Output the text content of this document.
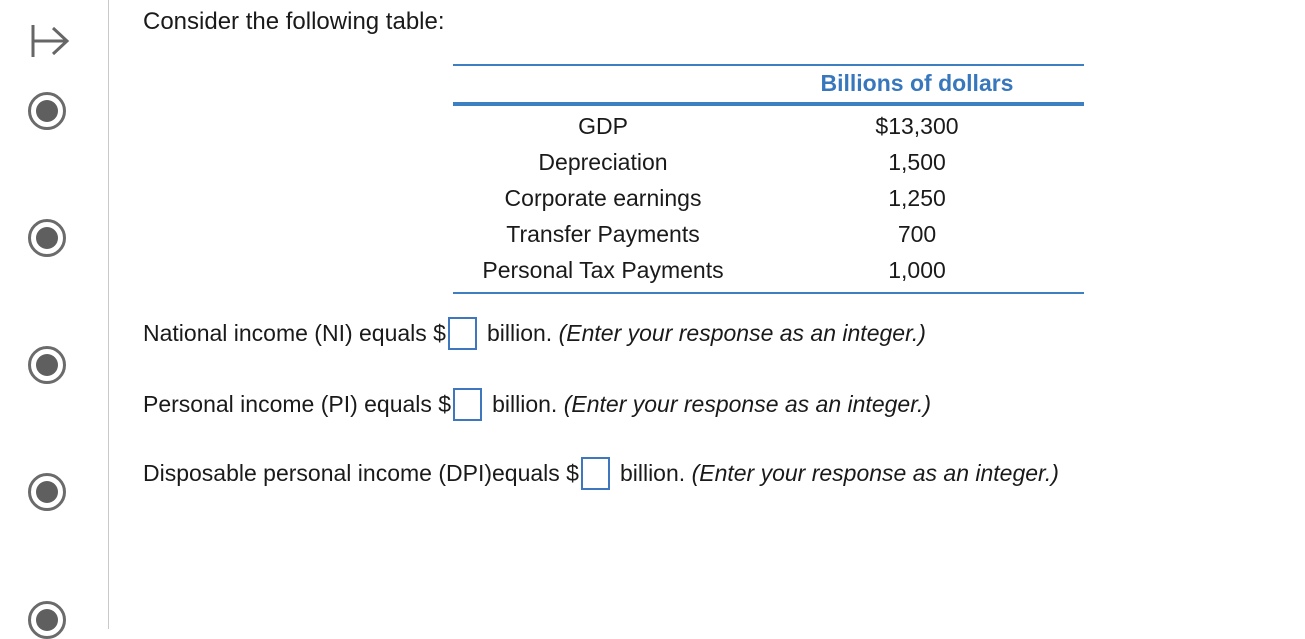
Consider the following table:
Billions of dollars
GDP	$13,300
Depreciation	1,500
Corporate earnings	1,250
Transfer Payments	700
Personal Tax Payments	1,000
National income (NI) equals $ billion. (Enter your response as an integer.)
Personal income (PI) equals $ billion. (Enter your response as an integer.)
Disposable personal income (DPI)equals $ billion. (Enter your response as an integer.)
